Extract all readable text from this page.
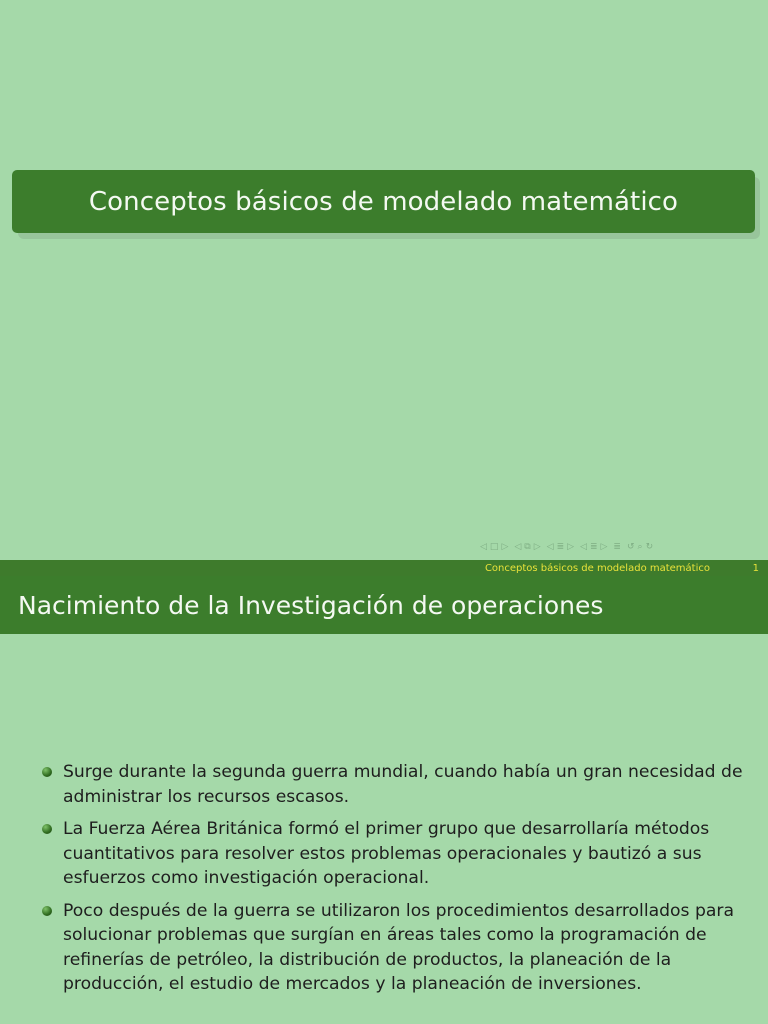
Conceptos básicos de modelado matemático
◁ □ ▷ ◁ ⧉ ▷ ◁ ≣ ▷ ◁ ≣ ▷ ≣ ↺ ⌕ ↻
Conceptos básicos de modelado matemático	1
Nacimiento de la Investigación de operaciones
Surge durante la segunda guerra mundial, cuando había un gran necesidad de administrar los recursos escasos.
La Fuerza Aérea Británica formó el primer grupo que desarrollaría métodos cuantitativos para resolver estos problemas operacionales y bautizó a sus esfuerzos como investigación operacional.
Poco después de la guerra se utilizaron los procedimientos desarrollados para solucionar problemas que surgían en áreas tales como la programación de refinerías de petróleo, la distribución de productos, la planeación de la producción, el estudio de mercados y la planeación de inversiones.
